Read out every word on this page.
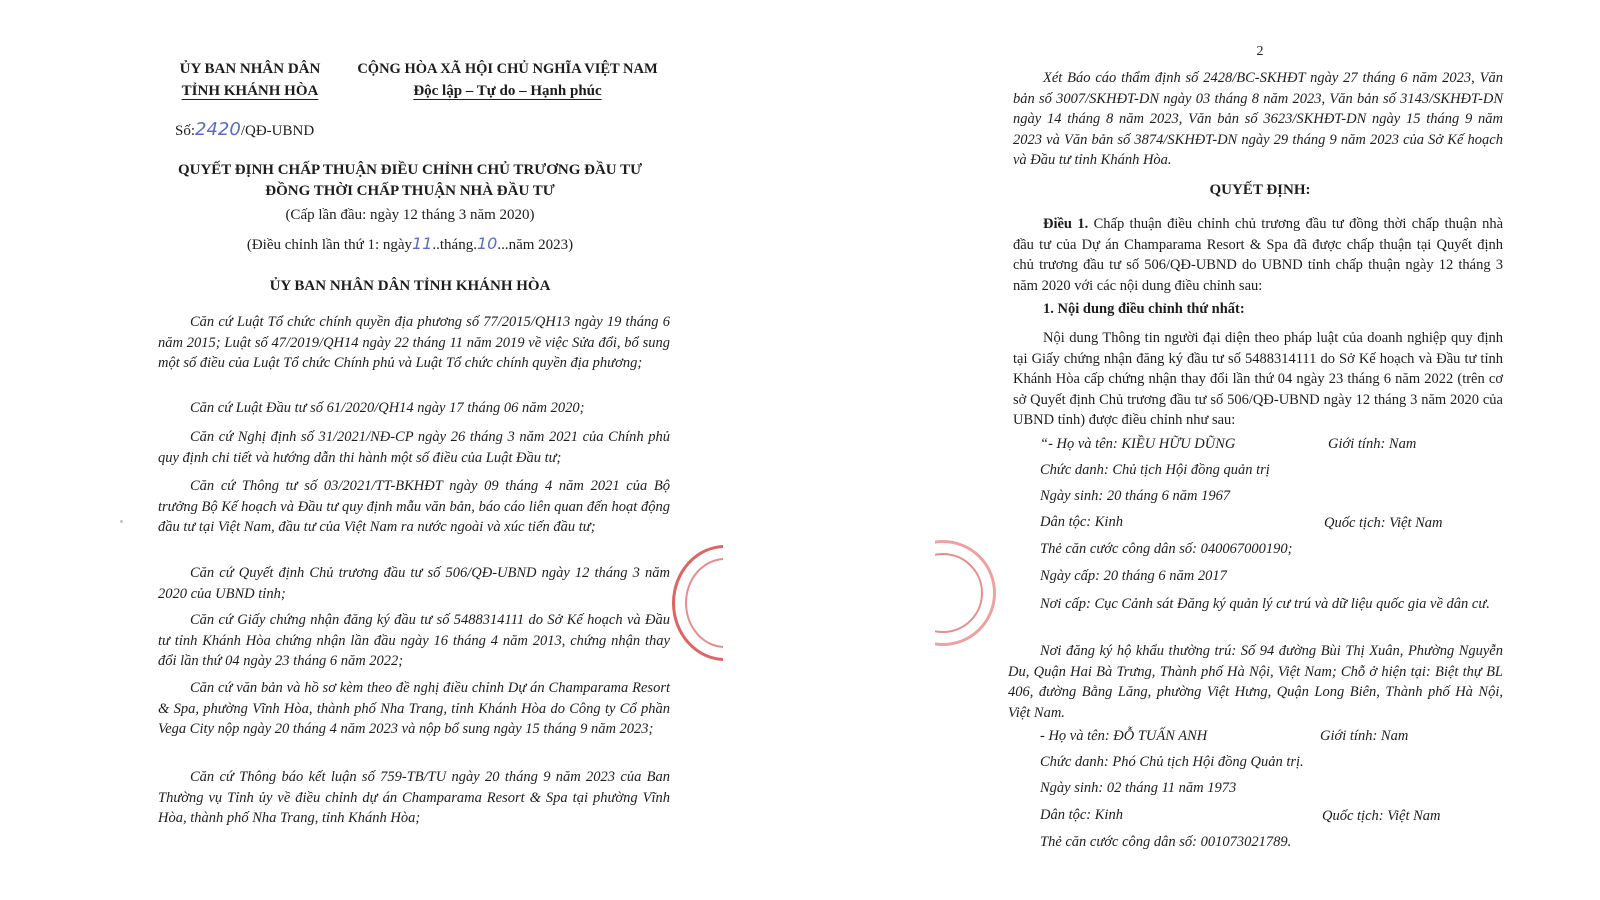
ỦY BAN NHÂN DÂN
TỈNH KHÁNH HÒA
CỘNG HÒA XÃ HỘI CHỦ NGHĨA VIỆT NAM
Độc lập – Tự do – Hạnh phúc
Số:2420/QĐ-UBND
QUYẾT ĐỊNH CHẤP THUẬN ĐIỀU CHỈNH CHỦ TRƯƠNG ĐẦU TƯ
ĐỒNG THỜI CHẤP THUẬN NHÀ ĐẦU TƯ
(Cấp lần đầu: ngày 12 tháng 3 năm 2020)
(Điều chỉnh lần thứ 1: ngày11..tháng.10...năm 2023)
ỦY BAN NHÂN DÂN TỈNH KHÁNH HÒA
Căn cứ Luật Tổ chức chính quyền địa phương số 77/2015/QH13 ngày 19 tháng 6 năm 2015; Luật số 47/2019/QH14 ngày 22 tháng 11 năm 2019 về việc Sửa đổi, bổ sung một số điều của Luật Tổ chức Chính phủ và Luật Tổ chức chính quyền địa phương;
Căn cứ Luật Đầu tư số 61/2020/QH14 ngày 17 tháng 06 năm 2020;
Căn cứ Nghị định số 31/2021/NĐ-CP ngày 26 tháng 3 năm 2021 của Chính phủ quy định chi tiết và hướng dẫn thi hành một số điều của Luật Đầu tư;
Căn cứ Thông tư số 03/2021/TT-BKHĐT ngày 09 tháng 4 năm 2021 của Bộ trưởng Bộ Kế hoạch và Đầu tư quy định mẫu văn bản, báo cáo liên quan đến hoạt động đầu tư tại Việt Nam, đầu tư của Việt Nam ra nước ngoài và xúc tiến đầu tư;
Căn cứ Quyết định Chủ trương đầu tư số 506/QĐ-UBND ngày 12 tháng 3 năm 2020 của UBND tỉnh;
Căn cứ Giấy chứng nhận đăng ký đầu tư số 5488314111 do Sở Kế hoạch và Đầu tư tỉnh Khánh Hòa chứng nhận lần đầu ngày 16 tháng 4 năm 2013, chứng nhận thay đổi lần thứ 04 ngày 23 tháng 6 năm 2022;
Căn cứ văn bản và hồ sơ kèm theo đề nghị điều chỉnh Dự án Champarama Resort & Spa, phường Vĩnh Hòa, thành phố Nha Trang, tỉnh Khánh Hòa do Công ty Cổ phần Vega City nộp ngày 20 tháng 4 năm 2023 và nộp bổ sung ngày 15 tháng 9 năm 2023;
Căn cứ Thông báo kết luận số 759-TB/TU ngày 20 tháng 9 năm 2023 của Ban Thường vụ Tỉnh ủy về điều chỉnh dự án Champarama Resort & Spa tại phường Vĩnh Hòa, thành phố Nha Trang, tỉnh Khánh Hòa;
2
Xét Báo cáo thẩm định số 2428/BC-SKHĐT ngày 27 tháng 6 năm 2023, Văn bản số 3007/SKHĐT-DN ngày 03 tháng 8 năm 2023, Văn bản số 3143/SKHĐT-DN ngày 14 tháng 8 năm 2023, Văn bản số 3623/SKHĐT-DN ngày 15 tháng 9 năm 2023 và Văn bản số 3874/SKHĐT-DN ngày 29 tháng 9 năm 2023 của Sở Kế hoạch và Đầu tư tỉnh Khánh Hòa.
QUYẾT ĐỊNH:
Điều 1. Chấp thuận điều chỉnh chủ trương đầu tư đồng thời chấp thuận nhà đầu tư của Dự án Champarama Resort & Spa đã được chấp thuận tại Quyết định chủ trương đầu tư số 506/QĐ-UBND do UBND tỉnh chấp thuận ngày 12 tháng 3 năm 2020 với các nội dung điều chỉnh sau:
1. Nội dung điều chỉnh thứ nhất:
Nội dung Thông tin người đại diện theo pháp luật của doanh nghiệp quy định tại Giấy chứng nhận đăng ký đầu tư số 5488314111 do Sở Kế hoạch và Đầu tư tỉnh Khánh Hòa cấp chứng nhận thay đổi lần thứ 04 ngày 23 tháng 6 năm 2022 (trên cơ sở Quyết định Chủ trương đầu tư số 506/QĐ-UBND ngày 12 tháng 3 năm 2020 của UBND tỉnh) được điều chỉnh như sau:
“- Họ và tên: KIỀU HỮU DŨNG	Giới tính: Nam
Chức danh: Chủ tịch Hội đồng quản trị
Ngày sinh: 20 tháng 6 năm 1967
Dân tộc: Kinh	Quốc tịch: Việt Nam
Thẻ căn cước công dân số: 040067000190;
Ngày cấp: 20 tháng 6 năm 2017
Nơi cấp: Cục Cảnh sát Đăng ký quản lý cư trú và dữ liệu quốc gia về dân cư.
Nơi đăng ký hộ khẩu thường trú: Số 94 đường Bùi Thị Xuân, Phường Nguyễn Du, Quận Hai Bà Trưng, Thành phố Hà Nội, Việt Nam; Chỗ ở hiện tại: Biệt thự BL 406, đường Bằng Lăng, phường Việt Hưng, Quận Long Biên, Thành phố Hà Nội, Việt Nam.
- Họ và tên: ĐỖ TUẤN ANH	Giới tính: Nam
Chức danh: Phó Chủ tịch Hội đồng Quản trị.
Ngày sinh: 02 tháng 11 năm 1973
Dân tộc: Kinh	Quốc tịch: Việt Nam
Thẻ căn cước công dân số: 001073021789.
